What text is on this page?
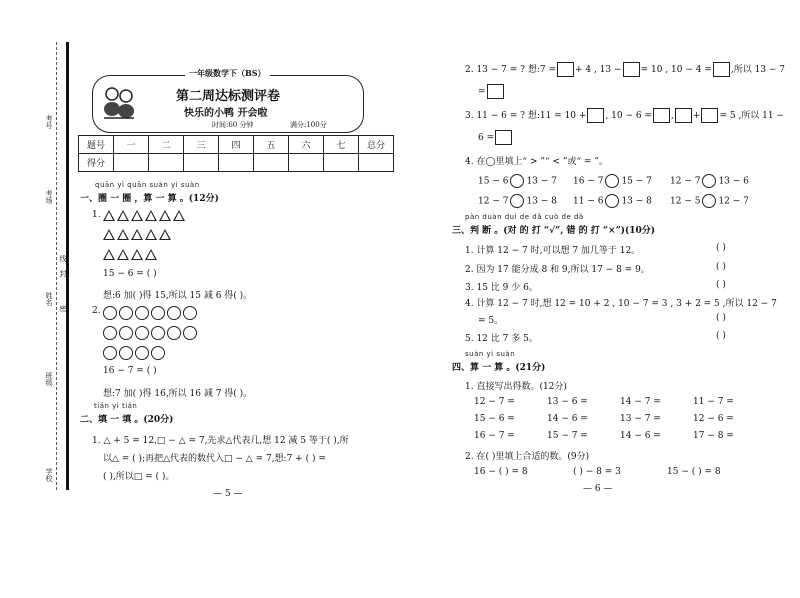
考号
考场
姓名
密
封
线
班级
学校
一年级数学下（BS）
第二周达标测评卷
快乐的小鸭 开会啦
时间:60 分钟	满分:100分
题号	一	二	三	四	五	六	七	总分
得分								
quān yì quān suàn yi suàn
一、圈 一 圈 ，算 一 算 。(12分)
1.
15 − 6 = ( )
想:6 加( )得 15,所以 15 减 6 得( )。
2.
16 − 7 = ( )
想:7 加( )得 16,所以 16 减 7 得( )。
tián yi tián
二、填 一 填 。(20分)
1. △ + 5 = 12,□ − △ = 7,先求△代表几,想 12 减 5 等于( ),所
以△ = ( );再把△代表的数代入□ − △ = 7,想:7 + ( ) =
( ),所以□ = ( )。
— 5 —
2. 13 − 7 = ? 想:7 = + 4 , 13 − = 10 , 10 − 4 = ,所以 13 − 7
=
3. 11 − 6 = ? 想:11 = 10 + , 10 − 6 = , + = 5 ,所以 11 −
6 =
4. 在◯里填上“ > ”“ < ”或“ = ”。
15 − 6 13 − 7 16 − 7 15 − 7 12 − 7 13 − 6
12 − 7 13 − 8 11 − 6 13 − 8 12 − 5 12 − 7
pàn duàn duì de dǎ cuò de dǎ
三、判 断 。(对 的 打 “√”, 错 的 打 “×”)(10分)
1. 计算 12 − 7 时,可以想 7 加几等于 12。	( )
2. 因为 17 能分成 8 和 9,所以 17 − 8 = 9。	( )
3. 15 比 9 少 6。	( )
4. 计算 12 − 7 时,想 12 = 10 + 2 , 10 − 7 = 3 , 3 + 2 = 5 ,所以 12 − 7
= 5。	( )
5. 12 比 7 多 5。	( )
suàn yi suàn
四、算 一 算 。(21分)
1. 直接写出得数。(12分)
12 − 7 =	13 − 6 =	14 − 7 =	11 − 7 =
15 − 6 =	14 − 6 =	13 − 7 =	12 − 6 =
16 − 7 =	15 − 7 =	14 − 6 =	17 − 8 =
2. 在( )里填上合适的数。(9分)
16 − ( ) = 8	( ) − 8 = 3	15 − ( ) = 8
— 6 —
